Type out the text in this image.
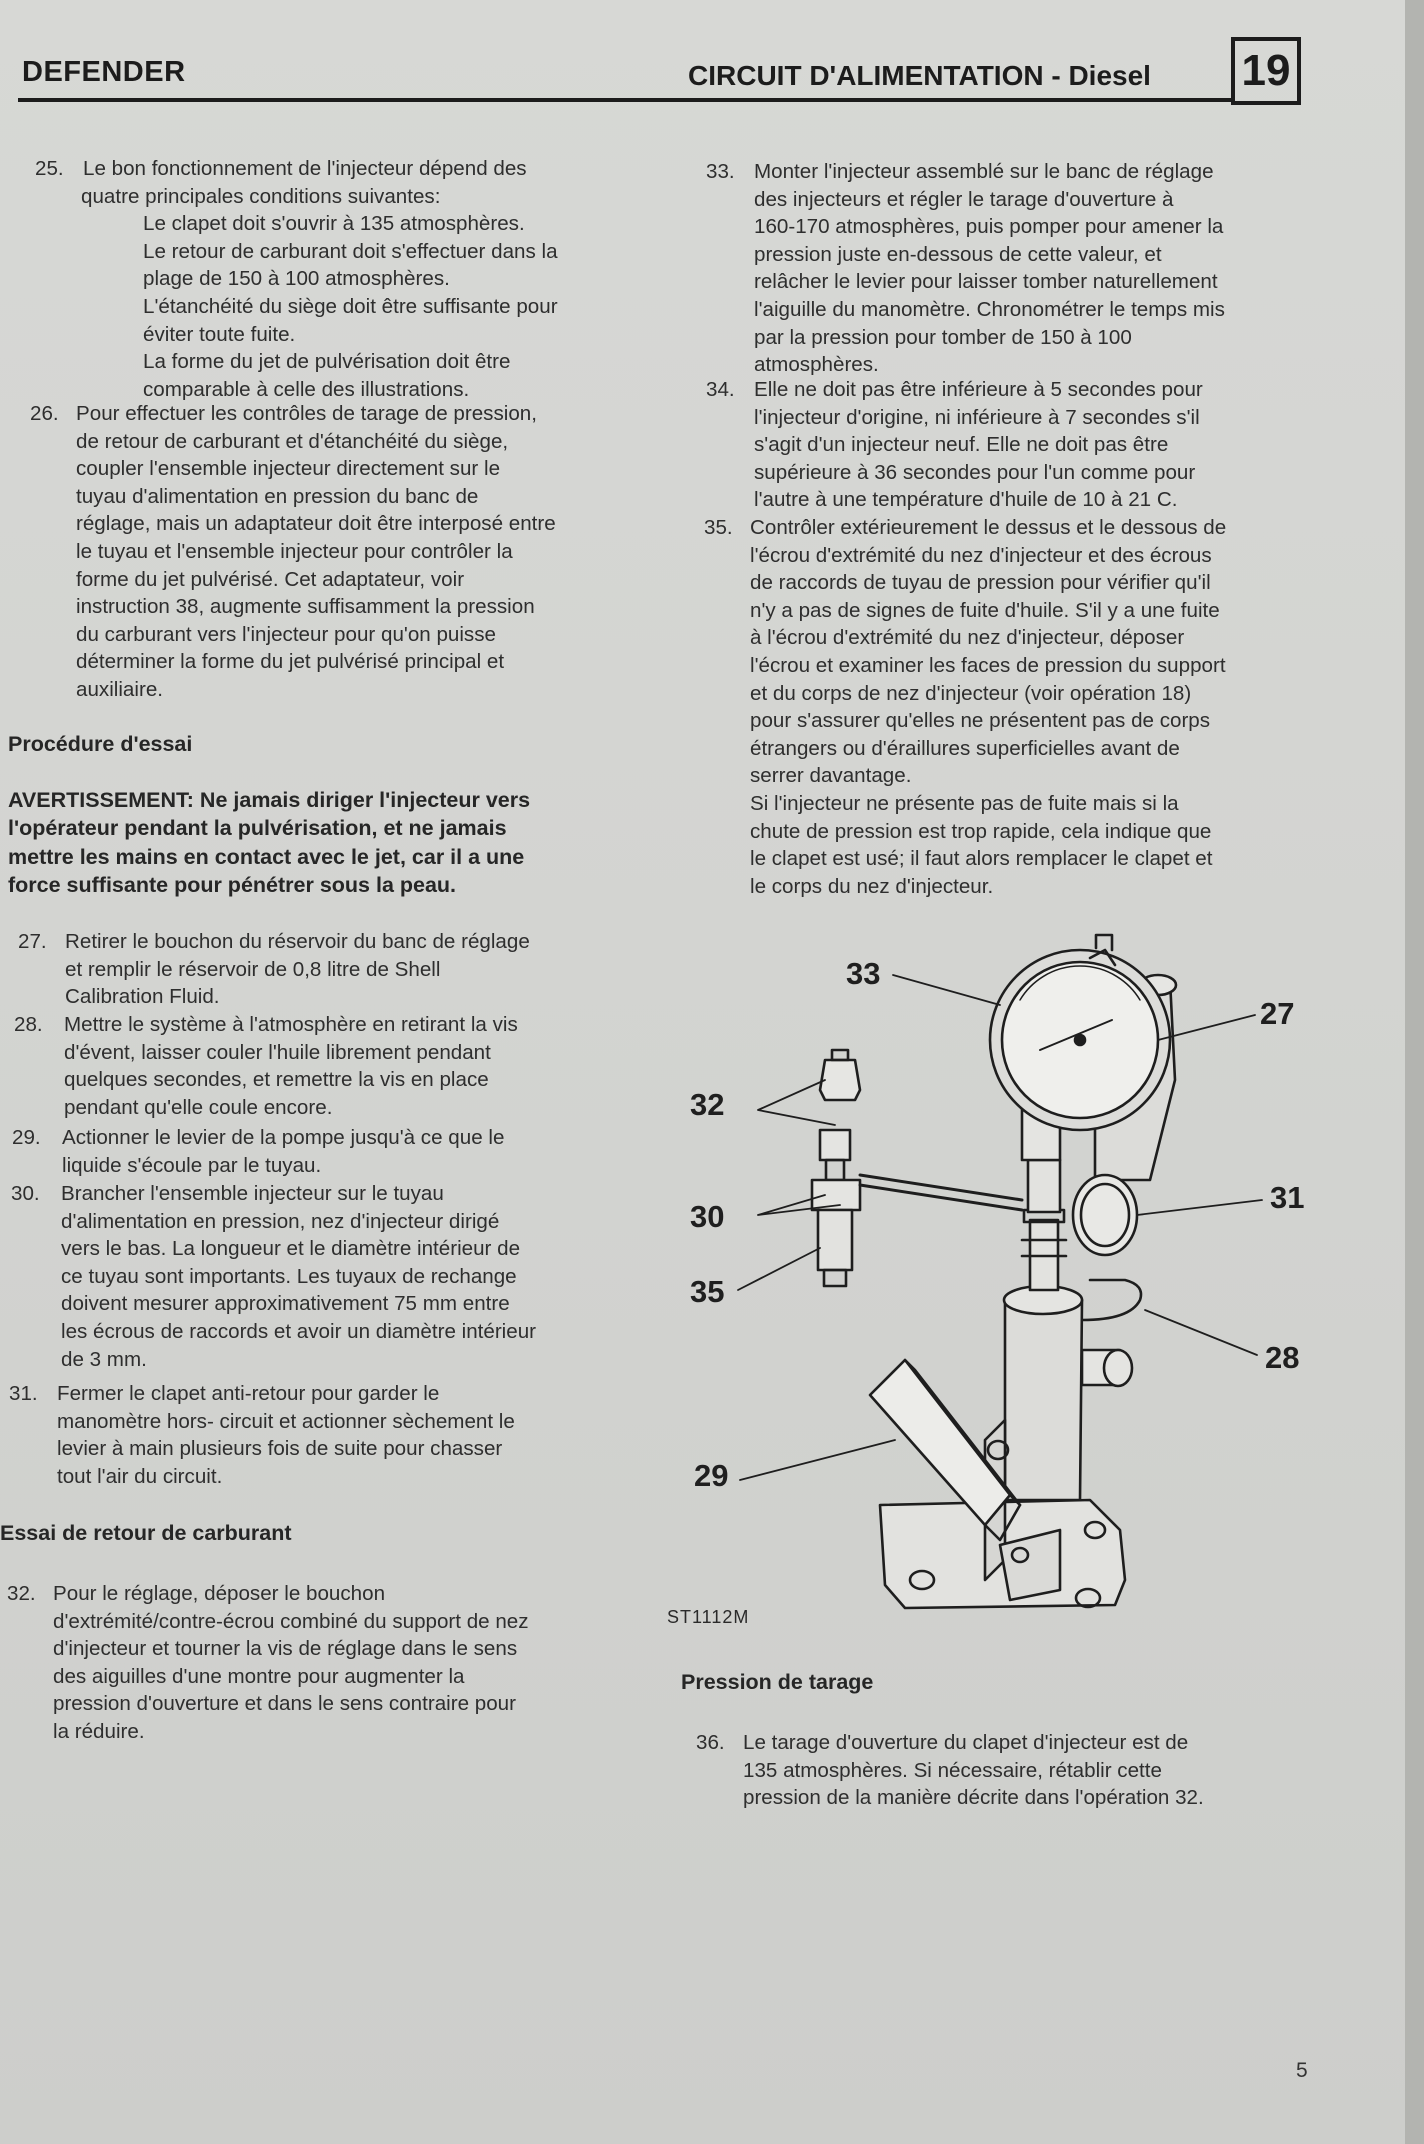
DEFENDER	CIRCUIT D'ALIMENTATION - Diesel 19
25. Le bon fonctionnement de l'injecteur dépend des
quatre principales conditions suivantes:
Le clapet doit s'ouvrir à 135 atmosphères.
Le retour de carburant doit s'effectuer dans la
plage de 150 à 100 atmosphères.
L'étanchéité du siège doit être suffisante pour
éviter toute fuite.
La forme du jet de pulvérisation doit être
comparable à celle des illustrations.
26. Pour effectuer les contrôles de tarage de pression,
de retour de carburant et d'étanchéité du siège,
coupler l'ensemble injecteur directement sur le
tuyau d'alimentation en pression du banc de
réglage, mais un adaptateur doit être interposé entre
le tuyau et l'ensemble injecteur pour contrôler la
forme du jet pulvérisé. Cet adaptateur, voir
instruction 38, augmente suffisamment la pression
du carburant vers l'injecteur pour qu'on puisse
déterminer la forme du jet pulvérisé principal et
auxiliaire.
Procédure d'essai
AVERTISSEMENT: Ne jamais diriger l'injecteur vers
l'opérateur pendant la pulvérisation, et ne jamais
mettre les mains en contact avec le jet, car il a une
force suffisante pour pénétrer sous la peau.
27. Retirer le bouchon du réservoir du banc de réglage
et remplir le réservoir de 0,8 litre de Shell
Calibration Fluid.
28. Mettre le système à l'atmosphère en retirant la vis
d'évent, laisser couler l'huile librement pendant
quelques secondes, et remettre la vis en place
pendant qu'elle coule encore.
29. Actionner le levier de la pompe jusqu'à ce que le
liquide s'écoule par le tuyau.
30. Brancher l'ensemble injecteur sur le tuyau
d'alimentation en pression, nez d'injecteur dirigé
vers le bas. La longueur et le diamètre intérieur de
ce tuyau sont importants. Les tuyaux de rechange
doivent mesurer approximativement 75 mm entre
les écrous de raccords et avoir un diamètre intérieur
de 3 mm.
31. Fermer le clapet anti-retour pour garder le
manomètre hors- circuit et actionner sèchement le
levier à main plusieurs fois de suite pour chasser
tout l'air du circuit.
Essai de retour de carburant
32. Pour le réglage, déposer le bouchon
d'extrémité/contre-écrou combiné du support de nez
d'injecteur et tourner la vis de réglage dans le sens
des aiguilles d'une montre pour augmenter la
pression d'ouverture et dans le sens contraire pour
la réduire.
33. Monter l'injecteur assemblé sur le banc de réglage
des injecteurs et régler le tarage d'ouverture à
160-170 atmosphères, puis pomper pour amener la
pression juste en-dessous de cette valeur, et
relâcher le levier pour laisser tomber naturellement
l'aiguille du manomètre. Chronométrer le temps mis
par la pression pour tomber de 150 à 100
atmosphères.
34. Elle ne doit pas être inférieure à 5 secondes pour
l'injecteur d'origine, ni inférieure à 7 secondes s'il
s'agit d'un injecteur neuf. Elle ne doit pas être
supérieure à 36 secondes pour l'un comme pour
l'autre à une température d'huile de 10 à 21 C.
35. Contrôler extérieurement le dessus et le dessous de
l'écrou d'extrémité du nez d'injecteur et des écrous
de raccords de tuyau de pression pour vérifier qu'il
n'y a pas de signes de fuite d'huile. S'il y a une fuite
à l'écrou d'extrémité du nez d'injecteur, déposer
l'écrou et examiner les faces de pression du support
et du corps de nez d'injecteur (voir opération 18)
pour s'assurer qu'elles ne présentent pas de corps
étrangers ou d'éraillures superficielles avant de
serrer davantage.
Si l'injecteur ne présente pas de fuite mais si la
chute de pression est trop rapide, cela indique que
le clapet est usé; il faut alors remplacer le clapet et
le corps du nez d'injecteur.
33
27
32
31
30
35
28
29
ST1112M
Pression de tarage
36. Le tarage d'ouverture du clapet d'injecteur est de
135 atmosphères. Si nécessaire, rétablir cette
pression de la manière décrite dans l'opération 32.
5
